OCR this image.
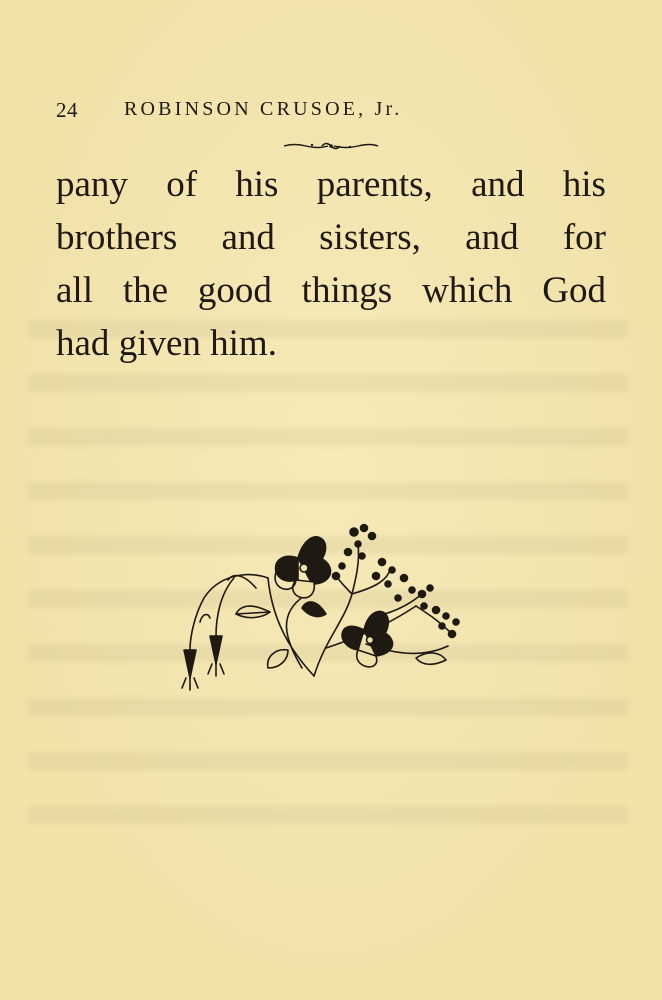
24 ROBINSON CRUSOE, Jr.
pany of his parents, and his
brothers and sisters, and for
all the good things which God
had
given
him.
